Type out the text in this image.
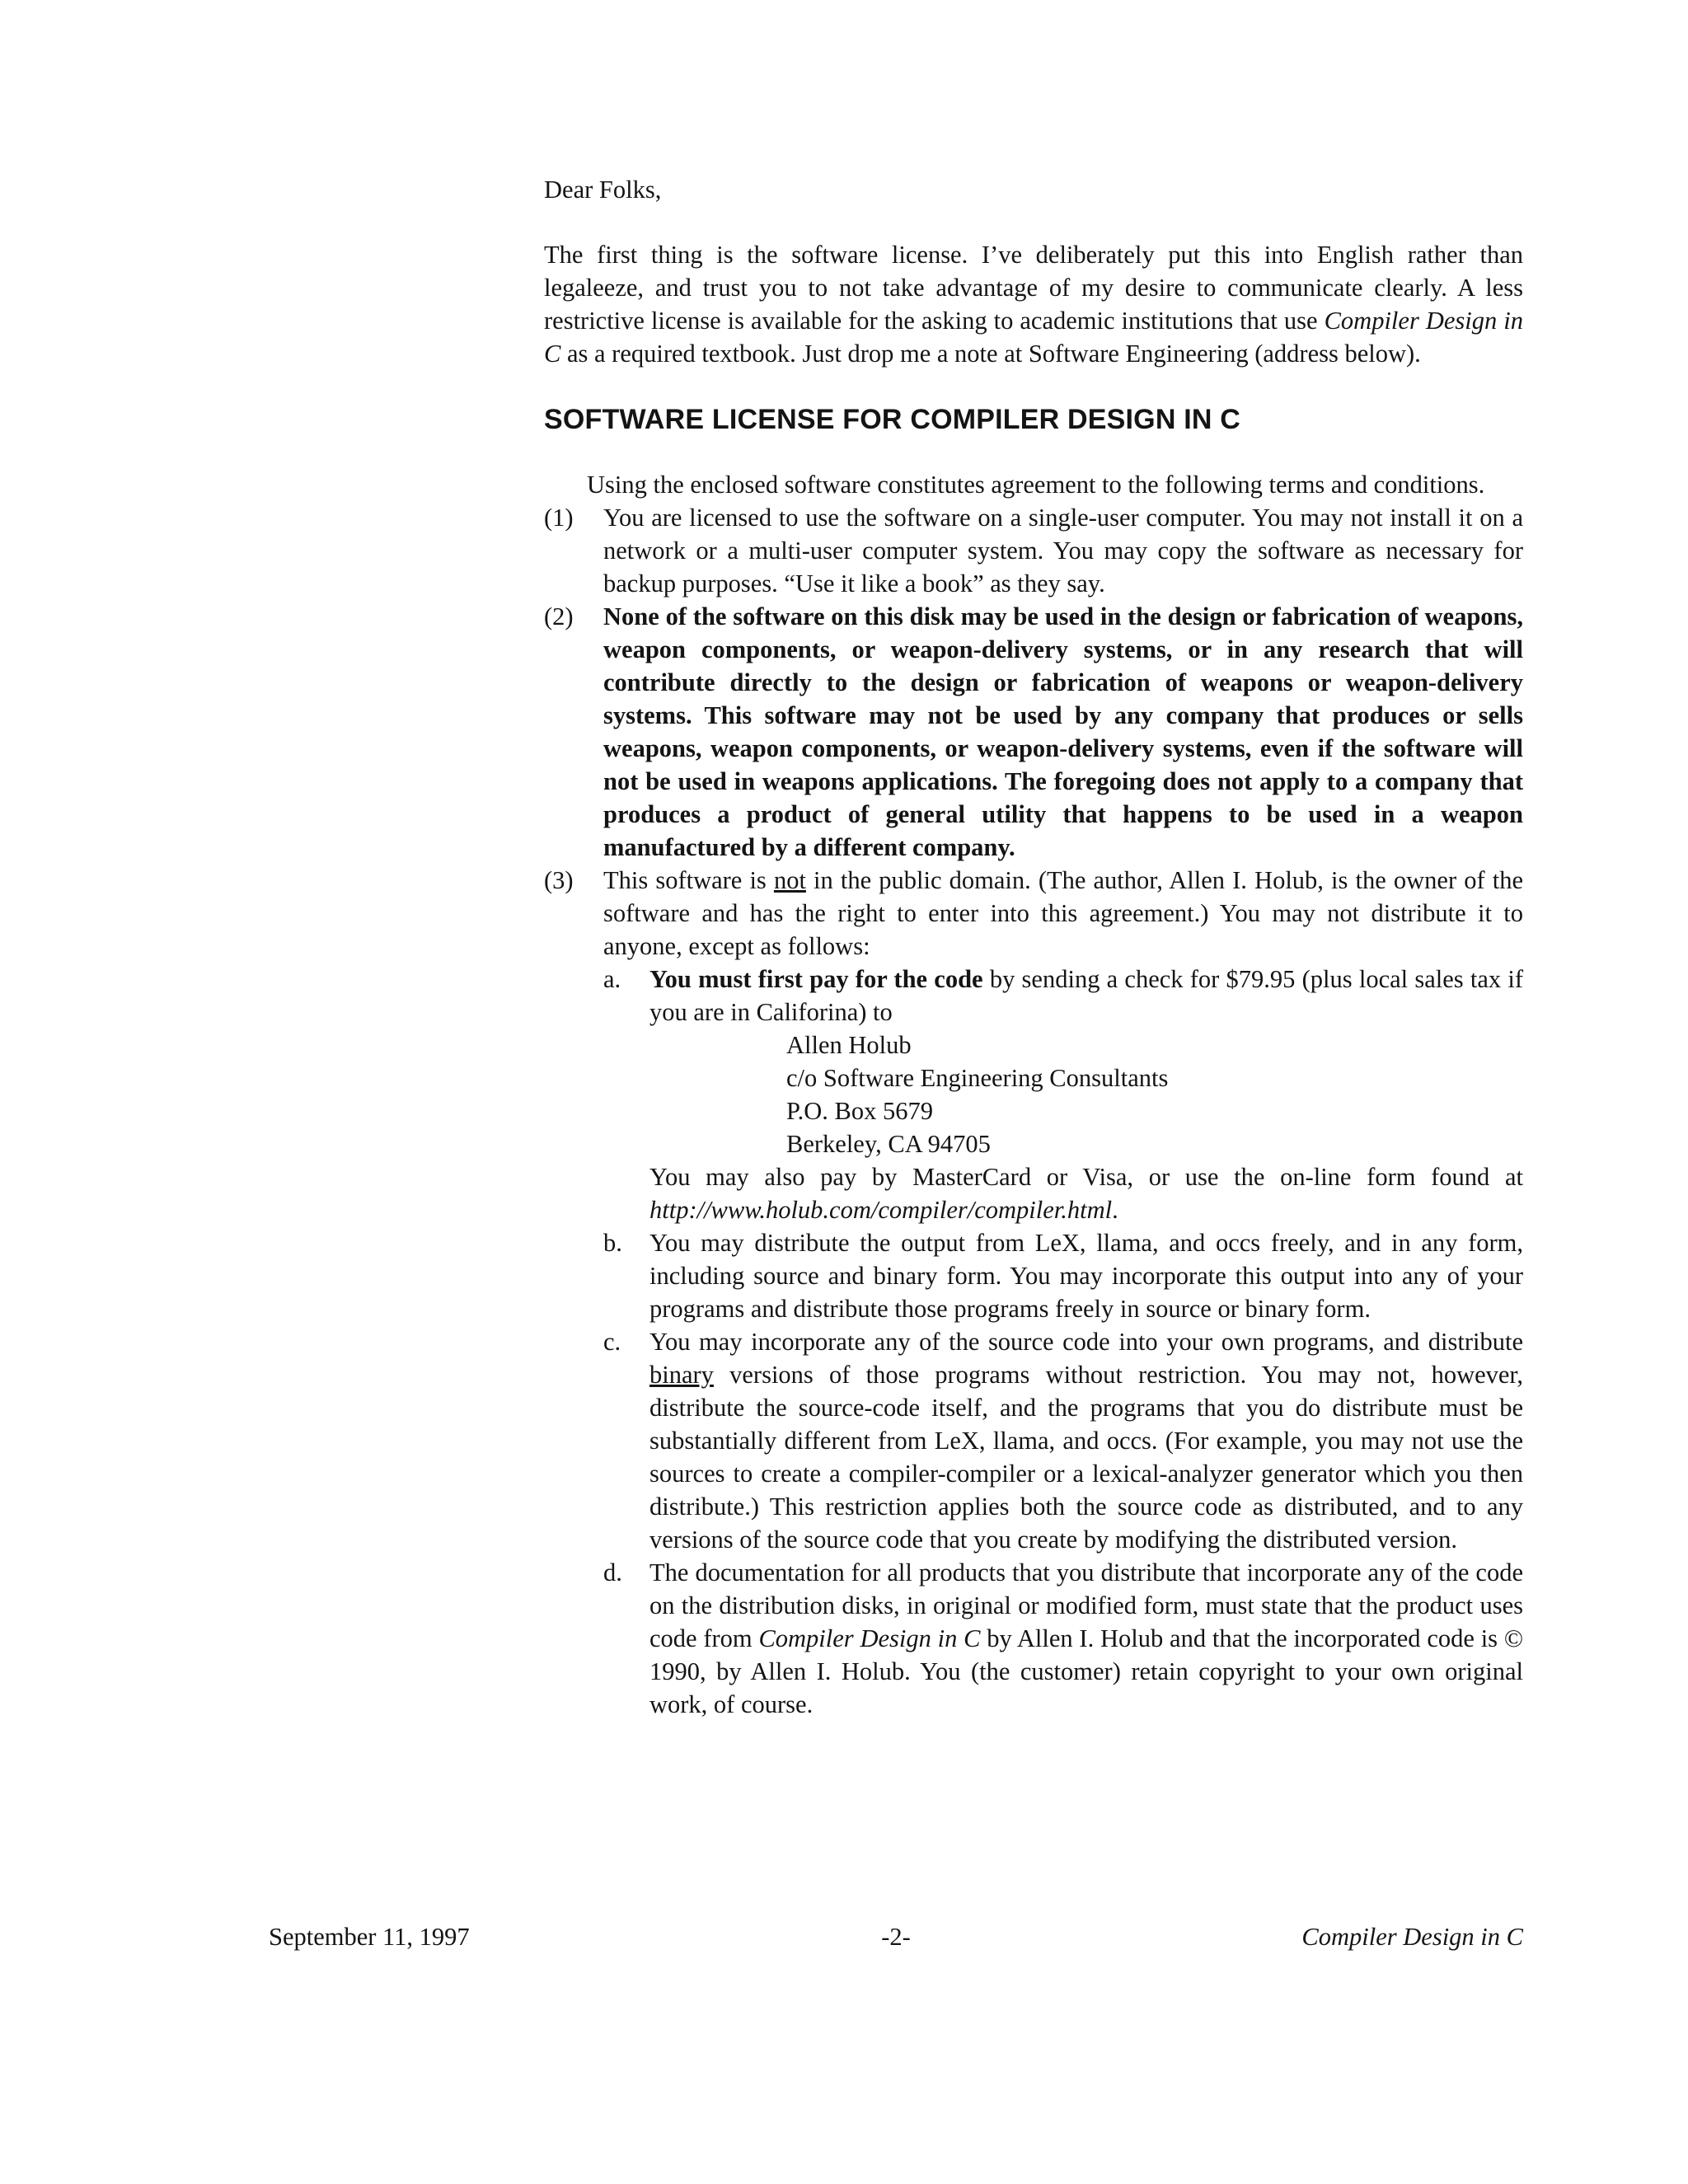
Dear Folks,

The first thing is the software license. I’ve deliberately put this into English rather than legaleeze, and trust you to not take advantage of my desire to communicate clearly. A less restrictive license is available for the asking to academic institutions that use Compiler Design in C as a required textbook. Just drop me a note at Software Engineering (address below).

SOFTWARE LICENSE FOR COMPILER DESIGN IN C

Using the enclosed software constitutes agreement to the following terms and conditions.

(1)	You are licensed to use the software on a single-user computer. You may not install it on a network or a multi-user computer system. You may copy the software as necessary for backup purposes. “Use it like a book” as they say.
(2)	None of the software on this disk may be used in the design or fabrication of weapons, weapon components, or weapon-delivery systems, or in any research that will contribute directly to the design or fabrication of weapons or weapon-delivery systems. This software may not be used by any company that produces or sells weapons, weapon components, or weapon-delivery systems, even if the software will not be used in weapons applications. The foregoing does not apply to a company that produces a product of general utility that happens to be used in a weapon manufactured by a different company.
(3)	This software is not in the public domain. (The author, Allen I. Holub, is the owner of the software and has the right to enter into this agreement.) You may not distribute it to anyone, except as follows:

a.	You must first pay for the code by sending a check for $79.95 (plus local sales tax if you are in Califorina) to

Allen Holub
c/o Software Engineering Consultants
P.O. Box 5679
Berkeley, CA 94705

You may also pay by MasterCard or Visa, or use the on-line form found at http://www.holub.com/compiler/compiler.html.

b.	You may distribute the output from LeX, llama, and occs freely, and in any form, including source and binary form. You may incorporate this output into any of your programs and distribute those programs freely in source or binary form.
c.	You may incorporate any of the source code into your own programs, and distribute binary versions of those programs without restriction. You may not, however, distribute the source-code itself, and the programs that you do distribute must be substantially different from LeX, llama, and occs. (For example, you may not use the sources to create a compiler-compiler or a lexical-analyzer generator which you then distribute.) This restriction applies both the source code as distributed, and to any versions of the source code that you create by modifying the distributed version.
d.	The documentation for all products that you distribute that incorporate any of the code on the distribution disks, in original or modified form, must state that the product uses code from Compiler Design in C by Allen I. Holub and that the incorporated code is © 1990, by Allen I. Holub. You (the customer) retain copyright to your own original work, of course.
September 11, 1997	-2-	Compiler Design in C
